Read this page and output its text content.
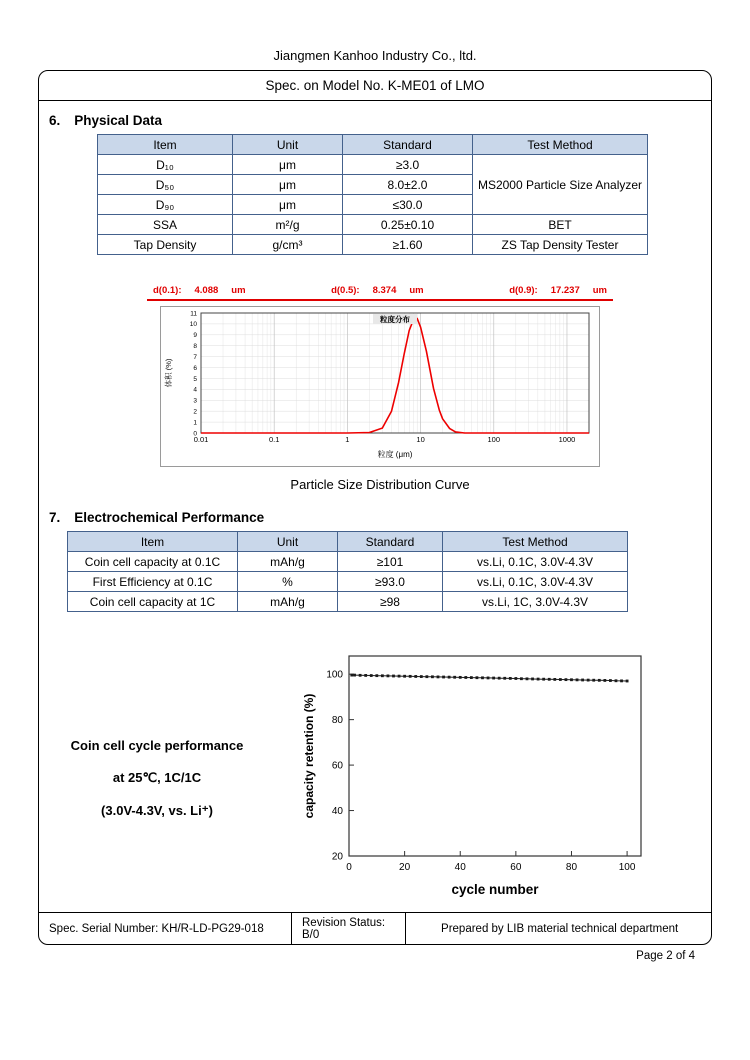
Jiangmen Kanhoo Industry Co., ltd.
Spec. on Model No. K-ME01 of LMO
6. Physical Data
Item	Unit	Standard	Test Method
D₁₀	μm	≥3.0	MS2000 Particle Size Analyzer
D₅₀	μm	8.0±2.0	
D₉₀	μm	≤30.0	
SSA	m²/g	0.25±0.10	BET
Tap Density	g/cm³	≥1.60	ZS Tap Density Tester
d(0.1): 4.088 um	d(0.5): 8.374 um	d(0.9): 17.237 um
0
1
2
3
4
5
6
7
8
9
10
11
0.01	0.1	1	10	100	1000
粒度分布
体积 (%)
粒度 (μm)
Particle Size Distribution Curve
7. Electrochemical Performance
Item	Unit	Standard	Test Method
Coin cell capacity at 0.1C	mAh/g	≥101	vs.Li, 0.1C, 3.0V-4.3V
First Efficiency at 0.1C	%	≥93.0	vs.Li, 0.1C, 3.0V-4.3V
Coin cell capacity at 1C	mAh/g	≥98	vs.Li, 1C, 3.0V-4.3V
Coin cell cycle performance
at 25℃, 1C/1C
(3.0V-4.3V, vs. Li⁺)
0	20	40	60	80	100
20
40
60
80
100
cycle number
capacity retention (%)
Spec. Serial Number: KH/R-LD-PG29-018	Revision Status: B/0	Prepared by LIB material technical department
Page 2 of 4
